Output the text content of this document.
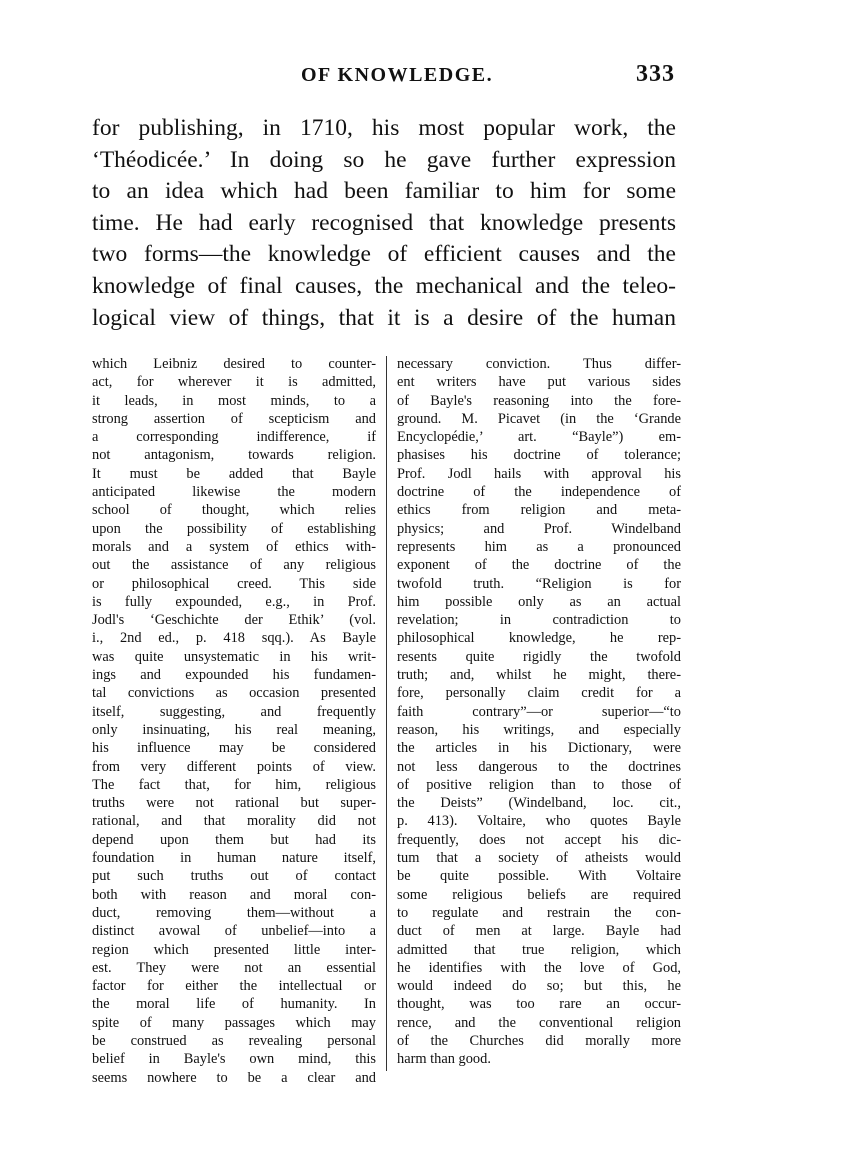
OF KNOWLEDGE.	333
for publishing, in 1710, his most popular work, the
‘Théodicée.’ In doing so he gave further expression
to an idea which had been familiar to him for some
time. He had early recognised that knowledge presents
two forms—the knowledge of efficient causes and the
knowledge of final causes, the mechanical and the teleo-
logical view of things, that it is a desire of the human
which Leibniz desired to counter-
act, for wherever it is admitted,
it leads, in most minds, to a
strong assertion of scepticism and
a corresponding indifference, if
not antagonism, towards religion.
It must be added that Bayle
anticipated likewise the modern
school of thought, which relies
upon the possibility of establishing
morals and a system of ethics with-
out the assistance of any religious
or philosophical creed. This side
is fully expounded, e.g., in Prof.
Jodl's ‘Geschichte der Ethik’ (vol.
i., 2nd ed., p. 418 sqq.). As Bayle
was quite unsystematic in his writ-
ings and expounded his fundamen-
tal convictions as occasion presented
itself, suggesting, and frequently
only insinuating, his real meaning,
his influence may be considered
from very different points of view.
The fact that, for him, religious
truths were not rational but super-
rational, and that morality did not
depend upon them but had its
foundation in human nature itself,
put such truths out of contact
both with reason and moral con-
duct, removing them—without a
distinct avowal of unbelief—into a
region which presented little inter-
est. They were not an essential
factor for either the intellectual or
the moral life of humanity. In
spite of many passages which may
be construed as revealing personal
belief in Bayle's own mind, this
seems nowhere to be a clear and
necessary conviction. Thus differ-
ent writers have put various sides
of Bayle's reasoning into the fore-
ground. M. Picavet (in the ‘Grande
Encyclopédie,’ art. “Bayle”) em-
phasises his doctrine of tolerance;
Prof. Jodl hails with approval his
doctrine of the independence of
ethics from religion and meta-
physics; and Prof. Windelband
represents him as a pronounced
exponent of the doctrine of the
twofold truth. “Religion is for
him possible only as an actual
revelation; in contradiction to
philosophical knowledge, he rep-
resents quite rigidly the twofold
truth; and, whilst he might, there-
fore, personally claim credit for a
faith contrary”—or superior—“to
reason, his writings, and especially
the articles in his Dictionary, were
not less dangerous to the doctrines
of positive religion than to those of
the Deists” (Windelband, loc. cit.,
p. 413). Voltaire, who quotes Bayle
frequently, does not accept his dic-
tum that a society of atheists would
be quite possible. With Voltaire
some religious beliefs are required
to regulate and restrain the con-
duct of men at large. Bayle had
admitted that true religion, which
he identifies with the love of God,
would indeed do so; but this, he
thought, was too rare an occur-
rence, and the conventional religion
of the Churches did morally more
harm than good.
